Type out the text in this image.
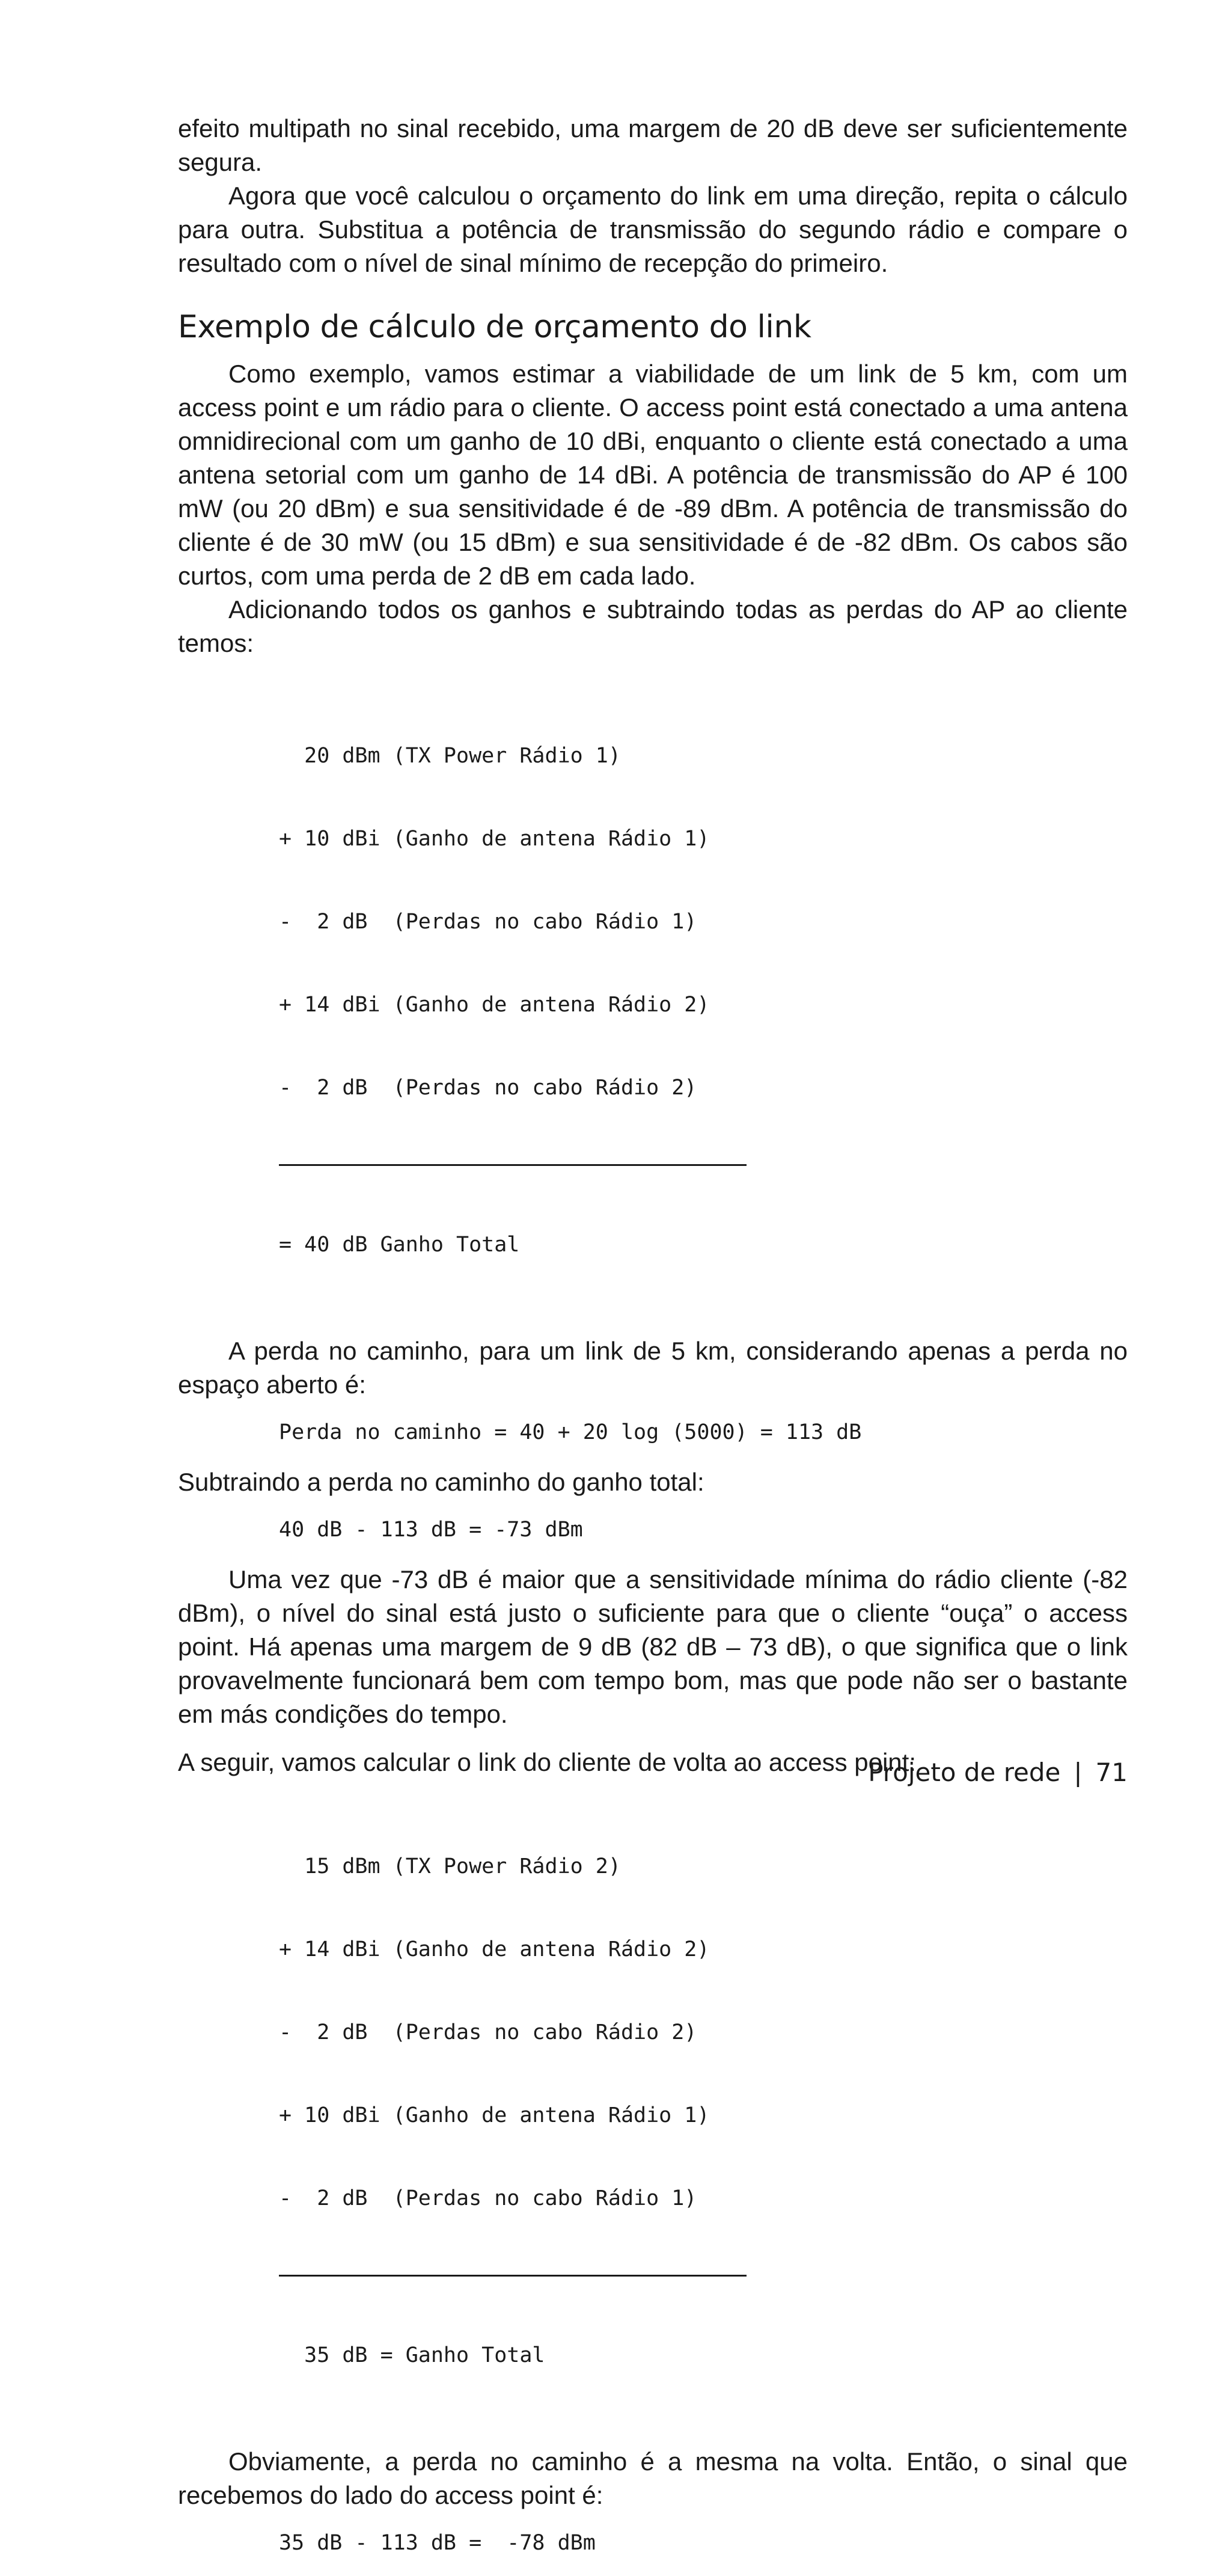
efeito multipath no sinal recebido, uma margem de 20 dB deve ser suficientemente segura.

Agora que você calculou o orçamento do link em uma direção, repita o cálculo para outra. Substitua a potência de transmissão do segundo rádio e compare o resultado com o nível de sinal mínimo de recepção do primeiro.

Exemplo de cálculo de orçamento do link

Como exemplo, vamos estimar a viabilidade de um link de 5 km, com um access point e um rádio para o cliente. O access point está conectado a uma antena omnidirecional com um ganho de 10 dBi, enquanto o cliente está conectado a uma antena setorial com um ganho de 14 dBi. A potência de transmissão do AP é 100 mW (ou 20 dBm) e sua sensitividade é de -89 dBm. A potência de transmissão do cliente é de 30 mW (ou 15 dBm) e sua sensitividade é de -82 dBm. Os cabos são curtos, com uma perda de 2 dB em cada lado.

Adicionando todos os ganhos e subtraindo todas as perdas do AP ao cliente temos:

20 dBm (TX Power Rádio 1)

+ 10 dBi (Ganho de antena Rádio 1)

-  2 dB  (Perdas no cabo Rádio 1)

+ 14 dBi (Ganho de antena Rádio 2)

-  2 dB  (Perdas no cabo Rádio 2)

= 40 dB Ganho Total

A perda no caminho, para um link de 5 km, considerando apenas a perda no espaço aberto é:

Perda no caminho = 40 + 20 log (5000) = 113 dB

Subtraindo a perda no caminho do ganho total:

40 dB - 113 dB = -73 dBm

Uma vez que -73 dB é maior que a sensitividade mínima do rádio cliente (-82 dBm), o nível do sinal está justo o suficiente para que o cliente “ouça” o access point. Há apenas uma margem de 9 dB (82 dB – 73 dB), o que significa que o link provavelmente funcionará bem com tempo bom, mas que pode não ser o bastante em más condições do tempo.

A seguir, vamos calcular o link do cliente de volta ao access point:

15 dBm (TX Power Rádio 2)

+ 14 dBi (Ganho de antena Rádio 2)

-  2 dB  (Perdas no cabo Rádio 2)

+ 10 dBi (Ganho de antena Rádio 1)

-  2 dB  (Perdas no cabo Rádio 1)

35 dB = Ganho Total

Obviamente, a perda no caminho é a mesma na volta. Então, o sinal que recebemos do lado do access point é:

35 dB - 113 dB =  -78 dBm
Projeto de rede | 71
